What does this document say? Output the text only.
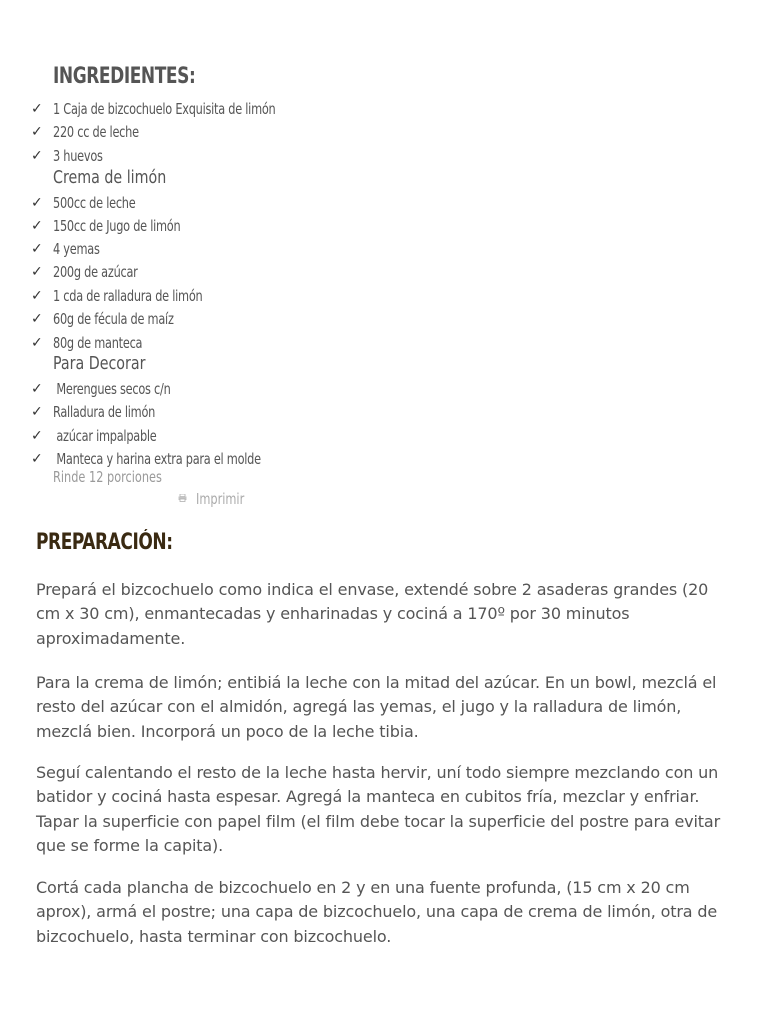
INGREDIENTES:
✓ 1 Caja de bizcochuelo Exquisita de limón
✓ 220 cc de leche
✓ 3 huevos
Crema de limón
✓ 500cc de leche
✓ 150cc de Jugo de limón
✓ 4 yemas
✓ 200g de azúcar
✓ 1 cda de ralladura de limón
✓ 60g de fécula de maíz
✓ 80g de manteca
Para Decorar
✓ Merengues secos c/n
✓ Ralladura de limón
✓ azúcar impalpable
✓ Manteca y harina extra para el molde
Rinde 12 porciones
Imprimir
PREPARACIÓN:

Prepará el bizcochuelo como indica el envase, extendé sobre 2 asaderas grandes (20 cm x 30 cm), enmantecadas y enharinadas y cociná a 170º por 30 minutos aproximadamente.

Para la crema de limón; entibiá la leche con la mitad del azúcar. En un bowl, mezclá el resto del azúcar con el almidón, agregá las yemas, el jugo y la ralladura de limón, mezclá bien. Incorporá un poco de la leche tibia.

Seguí calentando el resto de la leche hasta hervir, uní todo siempre mezclando con un batidor y cociná hasta espesar. Agregá la manteca en cubitos fría, mezclar y enfriar. Tapar la superficie con papel film (el film debe tocar la superficie del postre para evitar que se forme la capita).

Cortá cada plancha de bizcochuelo en 2 y en una fuente profunda, (15 cm x 20 cm aprox), armá el postre; una capa de bizcochuelo, una capa de crema de limón, otra de bizcochuelo, hasta terminar con bizcochuelo.
